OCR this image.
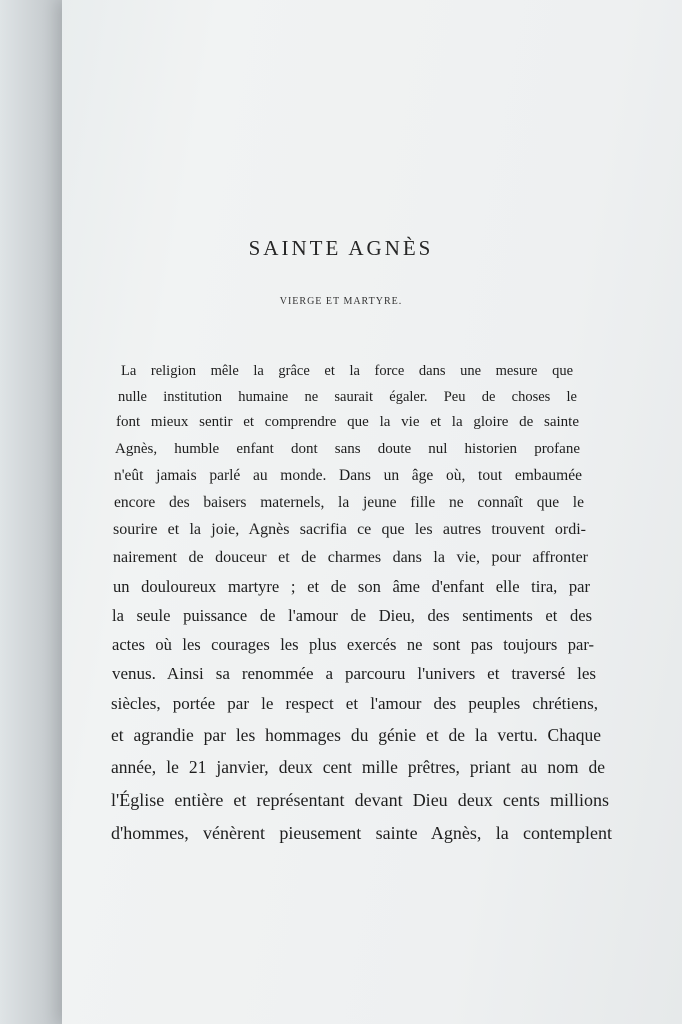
SAINTE AGNÈS
VIERGE ET MARTYRE.
La religion mêle la grâce et la force dans une mesure que
nulle institution humaine ne saurait égaler. Peu de choses le
font mieux sentir et comprendre que la vie et la gloire de sainte
Agnès, humble enfant dont sans doute nul historien profane
n'eût jamais parlé au monde. Dans un âge où, tout embaumée
encore des baisers maternels, la jeune fille ne connaît que le
sourire et la joie, Agnès sacrifia ce que les autres trouvent ordi-
nairement de douceur et de charmes dans la vie, pour affronter
un douloureux martyre ; et de son âme d'enfant elle tira, par
la seule puissance de l'amour de Dieu, des sentiments et des
actes où les courages les plus exercés ne sont pas toujours par-
venus. Ainsi sa renommée a parcouru l'univers et traversé les
siècles, portée par le respect et l'amour des peuples chrétiens,
et agrandie par les hommages du génie et de la vertu. Chaque
année, le 21 janvier, deux cent mille prêtres, priant au nom de
l'Église entière et représentant devant Dieu deux cents millions
d'hommes, vénèrent pieusement sainte Agnès, la contemplent
